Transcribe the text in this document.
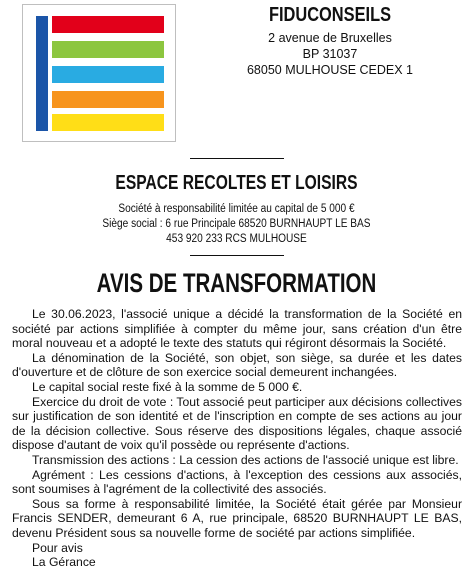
FIDUCONSEILS
2 avenue de Bruxelles
BP 31037
68050 MULHOUSE CEDEX 1
ESPACE RECOLTES ET LOISIRS
Société à responsabilité limitée au capital de 5 000 €
Siège social : 6 rue Principale 68520 BURNHAUPT LE BAS
453 920 233 RCS MULHOUSE
AVIS DE TRANSFORMATION

Le 30.06.2023, l'associé unique a décidé la transformation de la Société en société par actions simplifiée à compter du même jour, sans création d'un être moral nouveau et a adopté le texte des statuts qui régiront désormais la Société.

La dénomination de la Société, son objet, son siège, sa durée et les dates d'ouverture et de clôture de son exercice social demeurent inchangées.

Le capital social reste fixé à la somme de 5 000 €.

Exercice du droit de vote : Tout associé peut participer aux décisions collectives sur justification de son identité et de l'inscription en compte de ses actions au jour de la décision collective. Sous réserve des dispositions légales, chaque associé dispose d'autant de voix qu'il possède ou représente d'actions.

Transmission des actions : La cession des actions de l'associé unique est libre.

Agrément : Les cessions d'actions, à l'exception des cessions aux associés, sont soumises à l'agrément de la collectivité des associés.

Sous sa forme à responsabilité limitée, la Société était gérée par Monsieur Francis SENDER, demeurant 6 A, rue principale, 68520 BURNHAUPT LE BAS, devenu Président sous sa nouvelle forme de société par actions simplifiée.

Pour avis

La Gérance
